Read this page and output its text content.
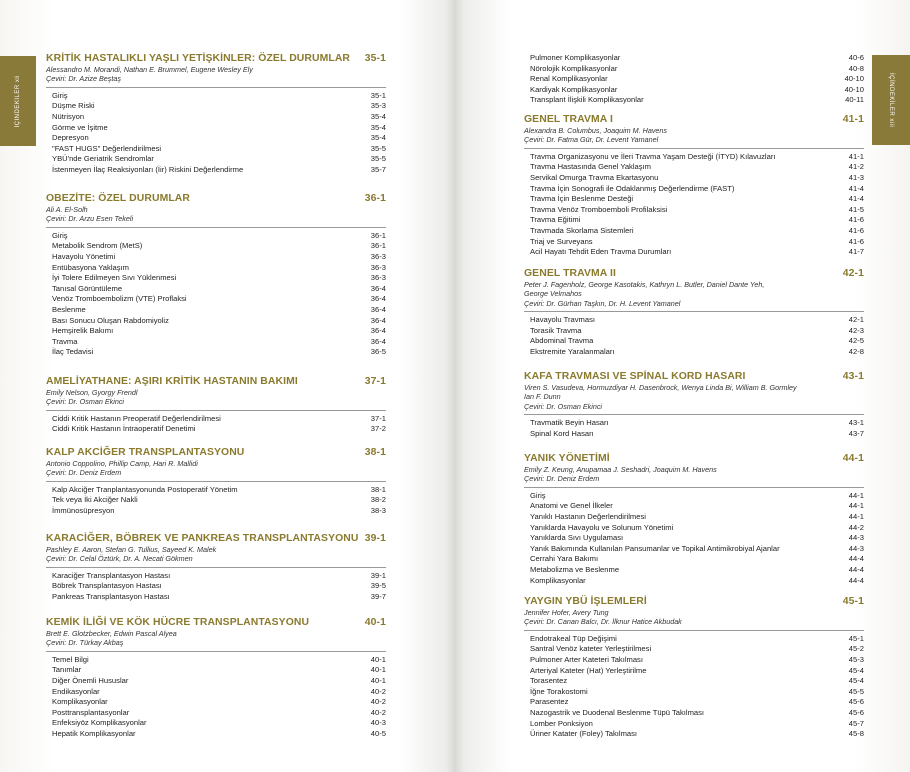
İÇİNDEKİLER xii	İÇİNDEKİLER xiii
KRİTİK HASTALIKLI YAŞLI YETİŞKİNLER: ÖZEL DURUMLAR 35-1
Alessandro M. Morandi, Nathan E. Brummel, Eugene Wesley Ely
Çeviri: Dr. Azize Beştaş
Giriş	35-1
Düşme Riski	35-3
Nütrisyon	35-4
Görme ve İşitme	35-4
Depresyon	35-4
"FAST HUGS" Değerlendirilmesi	35-5
YBÜ'nde Geriatrik Sendromlar	35-5
İstenmeyen İlaç Reaksiyonları (İir) Riskini Değerlendirme	35-7
OBEZİTE: ÖZEL DURUMLAR	36-1
Ali A. El-Solh
Çeviri: Dr. Arzu Esen Tekeli
Giriş	36-1
Metabolik Sendrom (MetS)	36-1
Havayolu Yönetimi	36-3
Entübasyona Yaklaşım	36-3
İyi Tolere Edilmeyen Sıvı Yüklenmesi	36-3
Tanısal Görüntüleme	36-4
Venöz Tromboembolizm (VTE) Proflaksi	36-4
Beslenme	36-4
Bası Sonucu Oluşan Rabdomiyoliz	36-4
Hemşirelik Bakımı	36-4
Travma	36-4
İlaç Tedavisi	36-5
AMELİYATHANE: AŞIRI KRİTİK HASTANIN BAKIMI	37-1
Emily Nelson, Gyorgy Frendl
Çeviri: Dr. Osman Ekinci
Ciddi Kritik Hastanın Preoperatif Değerlendirilmesi	37-1
Ciddi Kritik Hastanın İntraoperatif Denetimi	37-2
KALP AKCİĞER TRANSPLANTASYONU	38-1
Antonio Coppolino, Phillip Camp, Hari R. Mallidi
Çeviri: Dr. Deniz Erdem
Kalp Akciğer Tranplantasyonunda Postoperatif Yönetim	38-1
Tek veya İki Akciğer Nakli	38-2
İmmünosüpresyon	38-3
KARACİĞER, BÖBREK VE PANKREAS TRANSPLANTASYONU 39-1
Pashley E. Aaron, Stefan G. Tullius, Sayeed K. Malek
Çeviri: Dr. Celal Öztürk, Dr. A. Necati Gökmen
Karaciğer Transplantasyon Hastası	39-1
Böbrek Transplantasyon Hastası	39-5
Pankreas Transplantasyon Hastası	39-7
KEMİK İLİĞİ VE KÖK HÜCRE TRANSPLANTASYONU	40-1
Brett E. Glotzbecker, Edwin Pascal Alyea
Çeviri: Dr. Türkay Akbaş
Temel Bilgi	40-1
Tanımlar	40-1
Diğer Önemli Hususlar	40-1
Endikasyonlar	40-2
Komplikasyonlar	40-2
Posttransplantasyonlar	40-2
Enfeksiyöz Komplikasyonlar	40-3
Hepatik Komplikasyonlar	40-5
Pulmoner Komplikasyonlar	40-6
Nörolojik Komplikasyonlar	40-8
Renal Komplikasyonlar	40-10
Kardiyak Komplikasyonlar	40-10
Transplant İlişkili Komplikasyonlar	40-11
GENEL TRAVMA I	41-1
Alexandra B. Columbus, Joaquim M. Havens
Çeviri: Dr. Fatma Gür, Dr. Levent Yamanel
Travma Organizasyonu ve İleri Travma Yaşam Desteği (İTYD) Kılavuzları	41-1
Travma Hastasında Genel Yaklaşım	41-2
Servikal Omurga Travma Ekartasyonu	41-3
Travma İçin Sonografi ile Odaklanmış Değerlendirme (FAST)	41-4
Travma İçin Beslenme Desteği	41-4
Travma Venöz Tromboemboli Profilaksisi	41-5
Travma Eğitimi	41-6
Travmada Skorlama Sistemleri	41-6
Triaj ve Surveyans	41-6
Acil Hayatı Tehdit Eden Travma Durumları	41-7
GENEL TRAVMA II	42-1
Peter J. Fagenholz, George Kasotakis, Kathryn L. Butler, Daniel Dante Yeh,
George Velmahos
Çeviri: Dr. Gürhan Taşkın, Dr. H. Levent Yamanel
Havayolu Travması	42-1
Torasik Travma	42-3
Abdominal Travma	42-5
Ekstremite Yaralanmaları	42-8
KAFA TRAVMASI VE SPİNAL KORD HASARI	43-1
Viren S. Vasudeva, Hormuzdiyar H. Dasenbrock, Wenya Linda Bi, William B. Gormley
Ian F. Dunn
Çeviri: Dr. Osman Ekinci
Travmatik Beyin Hasarı	43-1
Spinal Kord Hasarı	43-7
YANIK YÖNETİMİ	44-1
Emily Z. Keung, Anupamaa J. Seshadri, Joaquim M. Havens
Çeviri: Dr. Deniz Erdem
Giriş	44-1
Anatomi ve Genel İlkeler	44-1
Yanıklı Hastanın Değerlendirilmesi	44-1
Yanıklarda Havayolu ve Solunum Yönetimi	44-2
Yanıklarda Sıvı Uygulaması	44-3
Yanık Bakımında Kullanılan Pansumanlar ve Topikal Antimikrobiyal Ajanlar	44-3
Cerrahi Yara Bakımı	44-4
Metabolizma ve Beslenme	44-4
Komplikasyonlar	44-4
YAYGIN YBÜ İŞLEMLERİ	45-1
Jennifer Hofer, Avery Tung
Çeviri: Dr. Canan Balcı, Dr. İlknur Hatice Akbudak
Endotrakeal Tüp Değişimi	45-1
Santral Venöz kateter Yerleştirilmesi	45-2
Pulmoner Arter Kateteri Takılması	45-3
Arteriyal Kateter (Hat) Yerleştirilme	45-4
Torasentez	45-4
İğne Torakostomi	45-5
Parasentez	45-6
Nazogastrik ve Duodenal Beslenme Tüpü Takılması	45-6
Lomber Ponksiyon	45-7
Üriner Katater (Foley) Takılması	45-8
